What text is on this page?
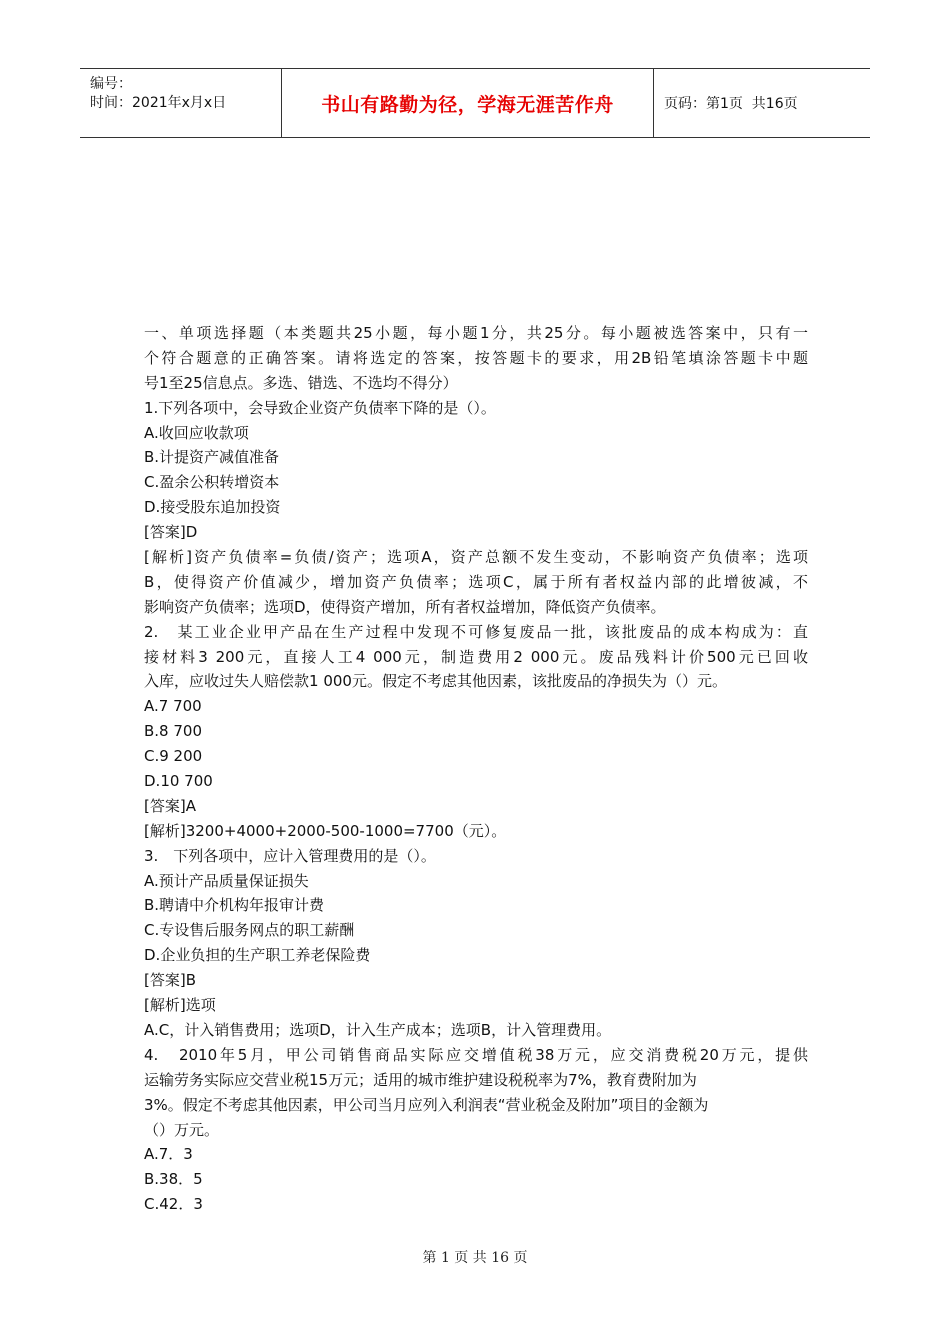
编号：
时间：2021年x月x日	书山有路勤为径，学海无涯苦作舟	页码：第1页  共16页
一、单项选择题（本类题共25小题，每小题1分，共25分。每小题被选答案中，只有一
个符合题意的正确答案。请将选定的答案，按答题卡的要求，用2B铅笔填涂答题卡中题
号1至25信息点。多选、错选、不选均不得分）
1.下列各项中，会导致企业资产负债率下降的是（）。
A.收回应收款项
B.计提资产减值准备
C.盈余公积转增资本
D.接受股东追加投资
[答案]D
[解析]资产负债率=负债/资产；选项A，资产总额不发生变动，不影响资产负债率；选项
B，使得资产价值减少，增加资产负债率；选项C，属于所有者权益内部的此增彼减，不
影响资产负债率；选项D，使得资产增加，所有者权益增加，降低资产负债率。
2.　某工业企业甲产品在生产过程中发现不可修复废品一批，该批废品的成本构成为：直
接材料3 200元，直接人工4 000元，制造费用2 000元。废品残料计价500元已回收
入库，应收过失人赔偿款1 000元。假定不考虑其他因素，该批废品的净损失为（）元。
A.7 700
B.8 700
C.9 200
D.10 700
[答案]A
[解析]3200+4000+2000-500-1000=7700（元）。
3.　下列各项中，应计入管理费用的是（）。
A.预计产品质量保证损失
B.聘请中介机构年报审计费
C.专设售后服务网点的职工薪酬
D.企业负担的生产职工养老保险费
[答案]B
[解析]选项
A.C，计入销售费用；选项D，计入生产成本；选项B，计入管理费用。
4.　2010年5月，甲公司销售商品实际应交增值税38万元，应交消费税20万元，提供
运输劳务实际应交营业税15万元；适用的城市维护建设税税率为7%，教育费附加为
3%。假定不考虑其他因素，甲公司当月应列入利润表“营业税金及附加”项目的金额为
（）万元。
A.7．3
B.38．5
C.42．3
第 1 页 共 16 页
